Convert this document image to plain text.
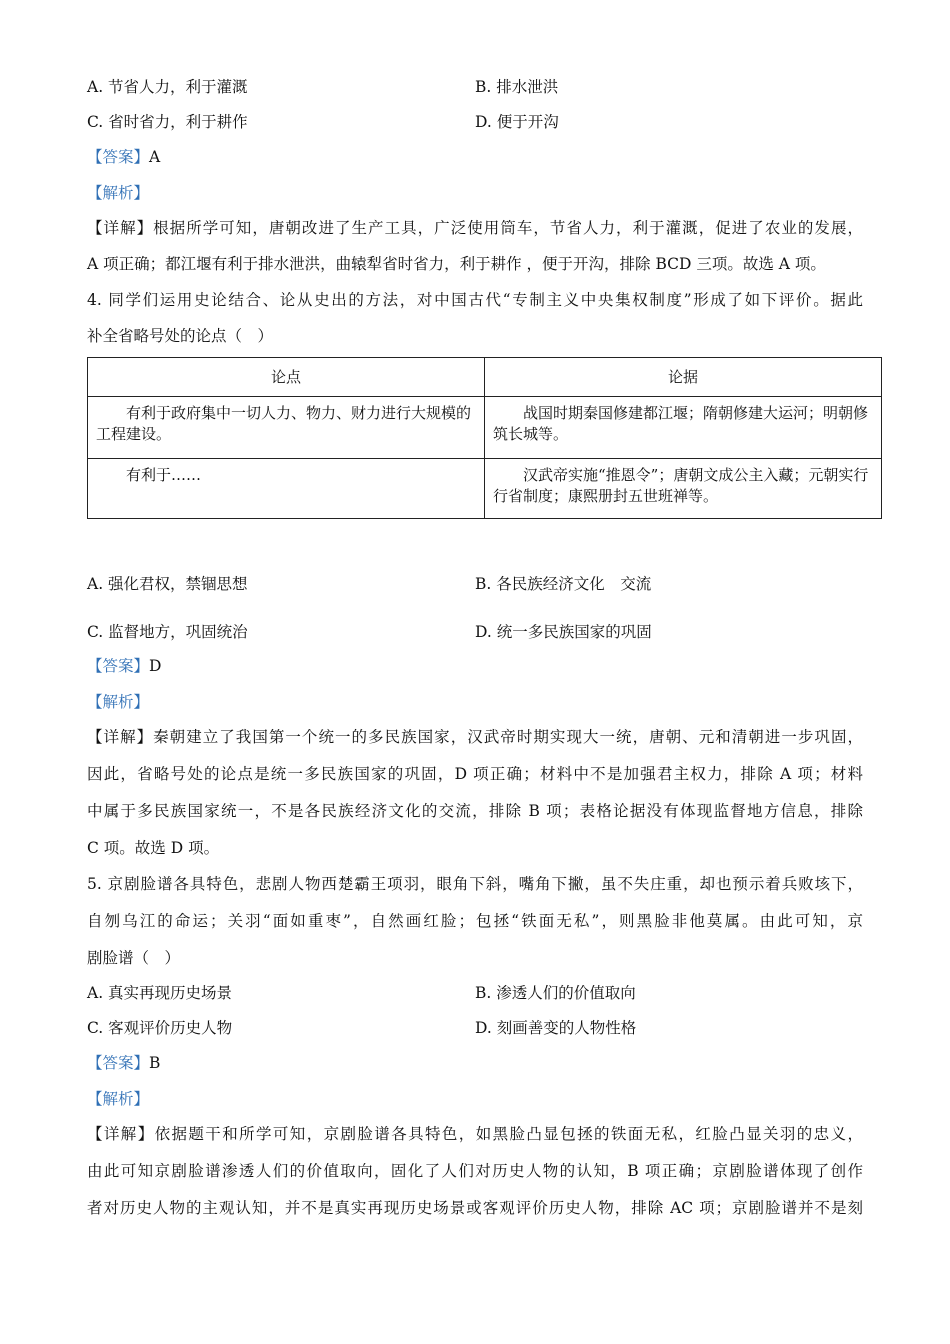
A. 节省人力，利于灌溉	B. 排水泄洪
C. 省时省力，利于耕作	D. 便于开沟
【答案】A
【解析】
【详解】根据所学可知，唐朝改进了生产工具，广泛使用筒车，节省人力，利于灌溉，促进了农业的发展，
A 项正确；都江堰有利于排水泄洪，曲辕犁省时省力，利于耕作 ，便于开沟，排除 BCD 三项。故选 A 项。
4. 同学们运用史论结合、论从史出的方法，对中国古代“专制主义中央集权制度”形成了如下评价。据此
补全省略号处的论点（　）
论点	论据

有利于政府集中一切人力、物力、财力进行大规模的工程建设。	战国时期秦国修建都江堰；隋朝修建大运河；明朝修筑长城等。

有利于……	汉武帝实施“推恩令”；唐朝文成公主入藏；元朝实行行省制度；康熙册封五世班禅等。

A. 强化君权，禁锢思想	B. 各民族经济文化　交流
C. 监督地方，巩固统治	D. 统一多民族国家的巩固
【答案】D
【解析】
【详解】秦朝建立了我国第一个统一的多民族国家，汉武帝时期实现大一统，唐朝、元和清朝进一步巩固，
因此，省略号处的论点是统一多民族国家的巩固，D 项正确；材料中不是加强君主权力，排除 A 项；材料
中属于多民族国家统一，不是各民族经济文化的交流，排除 B 项；表格论据没有体现监督地方信息，排除
C 项。故选 D 项。
5. 京剧脸谱各具特色，悲剧人物西楚霸王项羽，眼角下斜，嘴角下撇，虽不失庄重，却也预示着兵败垓下，
自刎乌江的命运；关羽“面如重枣”，自然画红脸；包拯“铁面无私”，则黑脸非他莫属。由此可知，京
剧脸谱（　）
A. 真实再现历史场景	B. 渗透人们的价值取向
C. 客观评价历史人物	D. 刻画善变的人物性格
【答案】B
【解析】
【详解】依据题干和所学可知，京剧脸谱各具特色，如黑脸凸显包拯的铁面无私，红脸凸显关羽的忠义，
由此可知京剧脸谱渗透人们的价值取向，固化了人们对历史人物的认知，B 项正确；京剧脸谱体现了创作
者对历史人物的主观认知，并不是真实再现历史场景或客观评价历史人物，排除 AC 项；京剧脸谱并不是刻
